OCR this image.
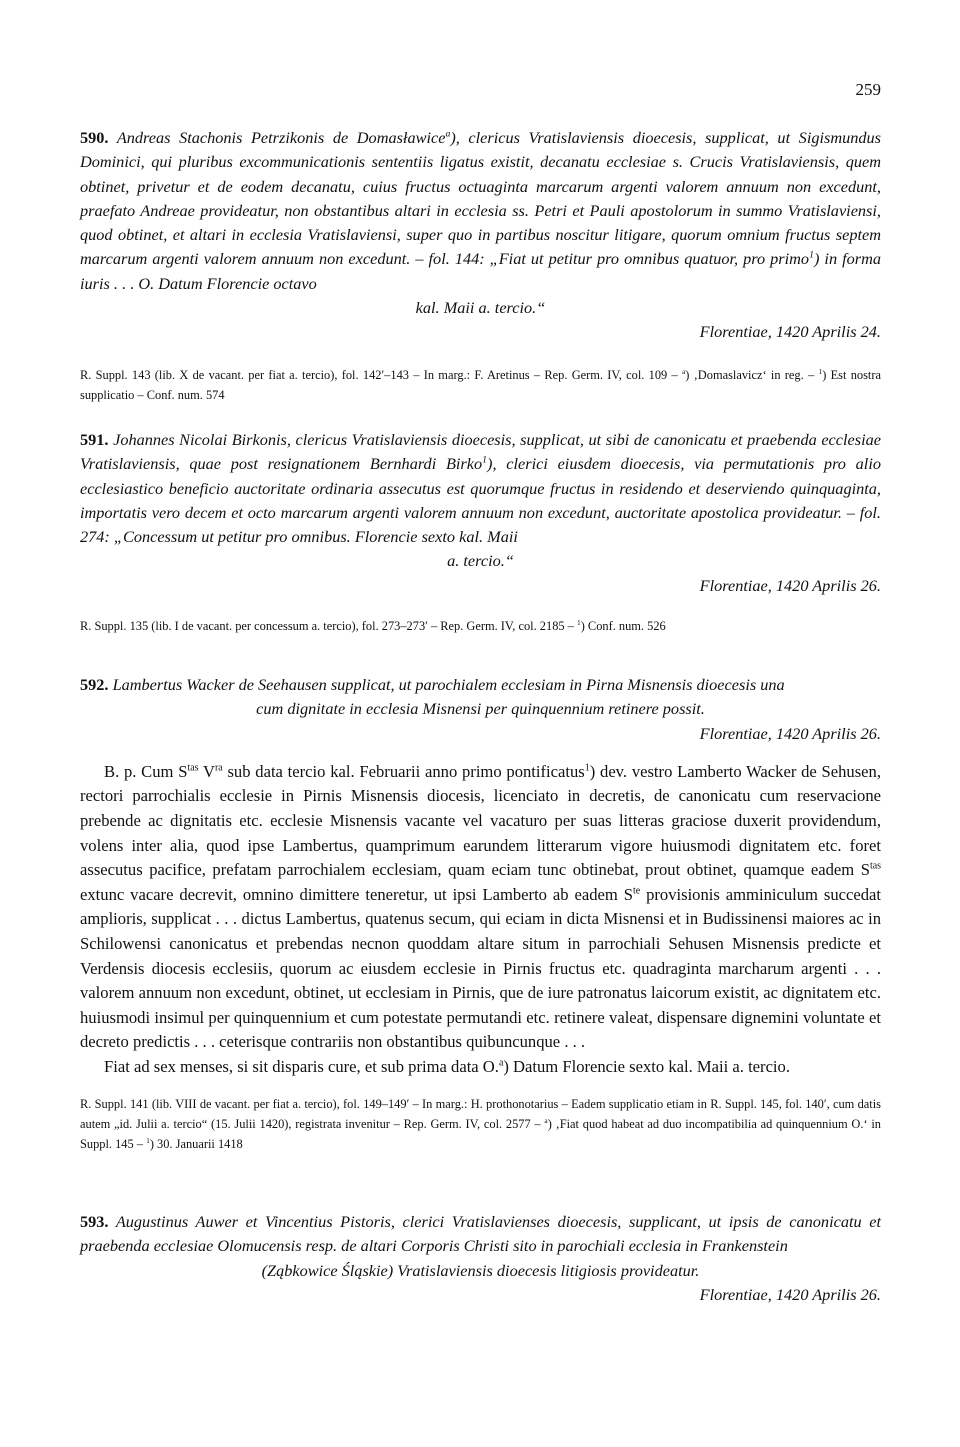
259

590. Andreas Stachonis Petrzikonis de Domasławice$^a$), clericus Vratislaviensis dioecesis, supplicat, ut Sigismundus Dominici, qui pluribus excommunicationis sententiis ligatus existit, decanatu ecclesiae s. Crucis Vratislaviensis, quem obtinet, privetur et de eodem decanatu, cuius fructus octuaginta marcarum argenti valorem annuum non excedunt, praefato Andreae provideatur, non obstantibus altari in ecclesia ss. Petri et Pauli apostolorum in summo Vratislaviensi, quod obtinet, et altari in ecclesia Vratislaviensi, super quo in partibus noscitur litigare, quorum omnium fructus septem marcarum argenti valorem annuum non excedunt. – fol. 144: „Fiat ut petitur pro omnibus quatuor, pro primo$^1$) in forma iuris . . . O. Datum Florencie octavo

kal. Maii a. tercio.“

Florentiae, 1420 Aprilis 24.

R. Suppl. 143 (lib. X de vacant. per fiat a. tercio), fol. 142′–143 – In marg.: F. Aretinus – Rep. Germ. IV, col. 109 – $^a$) ‚Domaslavicz‘ in reg. – $^1$) Est nostra supplicatio – Conf. num. 574

591. Johannes Nicolai Birkonis, clericus Vratislaviensis dioecesis, supplicat, ut sibi de canonicatu et praebenda ecclesiae Vratislaviensis, quae post resignationem Bernhardi Birko$^1$), clerici eiusdem dioecesis, via permutationis pro alio ecclesiastico beneficio auctoritate ordinaria assecutus est quorumque fructus in residendo et deserviendo quinquaginta, importatis vero decem et octo marcarum argenti valorem annuum non excedunt, auctoritate apostolica provideatur. – fol. 274: „Concessum ut petitur pro omnibus. Florencie sexto kal. Maii

a. tercio.“

Florentiae, 1420 Aprilis 26.

R. Suppl. 135 (lib. I de vacant. per concessum a. tercio), fol. 273–273′ – Rep. Germ. IV, col. 2185 – $^1$) Conf. num. 526

592. Lambertus Wacker de Seehausen supplicat, ut parochialem ecclesiam in Pirna Misnensis dioecesis una

cum dignitate in ecclesia Misnensi per quinquennium retinere possit.

Florentiae, 1420 Aprilis 26.

B. p. Cum $S^{tas}$ $V^{ra}$ sub data tercio kal. Februarii anno primo pontificatus$^1$) dev. vestro Lamberto Wacker de Sehusen, rectori parrochialis ecclesie in Pirnis Misnensis diocesis, licenciato in decretis, de canonicatu cum reservacione prebende ac dignitatis etc. ecclesie Misnensis vacante vel vacaturo per suas litteras graciose duxerit providendum, volens inter alia, quod ipse Lambertus, quamprimum earundem litterarum vigore huiusmodi dignitatem etc. foret assecutus pacifice, prefatam parrochialem ecclesiam, quam eciam tunc obtinebat, prout obtinet, quamque eadem $S^{tas}$ extunc vacare decrevit, omnino dimittere teneretur, ut ipsi Lamberto ab eadem $S^{te}$ provisionis amminiculum succedat amplioris, supplicat . . . dictus Lambertus, quatenus secum, qui eciam in dicta Misnensi et in Budissinensi maiores ac in Schilowensi canonicatus et prebendas necnon quoddam altare situm in parrochiali Sehusen Misnensis predicte et Verdensis diocesis ecclesiis, quorum ac eiusdem ecclesie in Pirnis fructus etc. quadraginta marcharum argenti . . . valorem annuum non excedunt, obtinet, ut ecclesiam in Pirnis, que de iure patronatus laicorum existit, ac dignitatem etc. huiusmodi insimul per quinquennium et cum potestate permutandi etc. retinere valeat, dispensare dignemini voluntate et decreto predictis . . . ceterisque contrariis non obstantibus quibuncunque . . .

Fiat ad sex menses, si sit disparis cure, et sub prima data O.$^a$) Datum Florencie sexto kal. Maii a. tercio.

R. Suppl. 141 (lib. VIII de vacant. per fiat a. tercio), fol. 149–149′ – In marg.: H. prothonotarius – Eadem supplicatio etiam in R. Suppl. 145, fol. 140′, cum datis autem „id. Julii a. tercio“ (15. Julii 1420), registrata invenitur – Rep. Germ. IV, col. 2577 – $^a$) ‚Fiat quod habeat ad duo incompatibilia ad quinquennium O.‘ in Suppl. 145 – $^1$) 30. Januarii 1418

593. Augustinus Auwer et Vincentius Pistoris, clerici Vratislavienses dioecesis, supplicant, ut ipsis de canonicatu et praebenda ecclesiae Olomucensis resp. de altari Corporis Christi sito in parochiali ecclesia in Frankenstein

(Ząbkowice Śląskie) Vratislaviensis dioecesis litigiosis provideatur.

Florentiae, 1420 Aprilis 26.
